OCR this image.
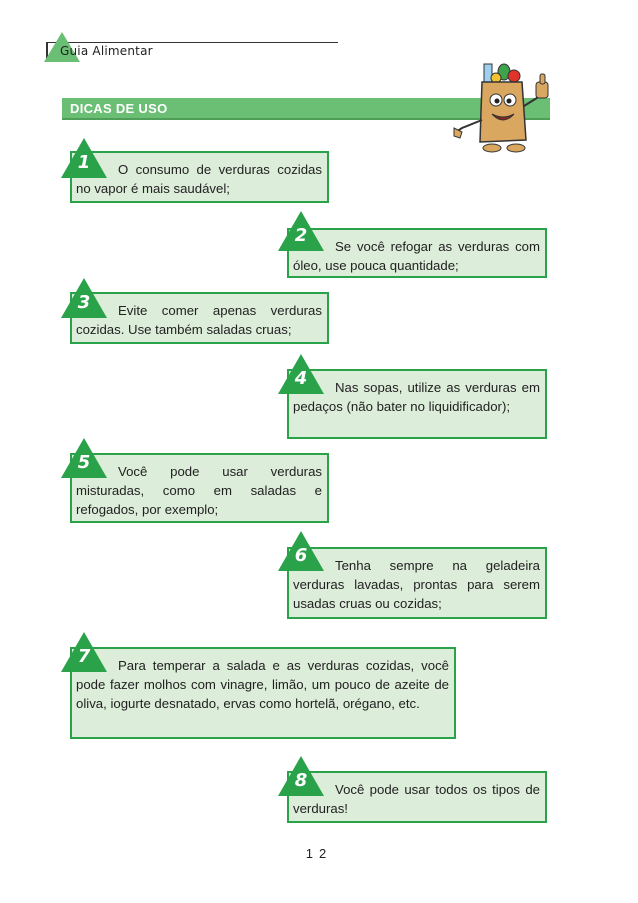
Guia Alimentar
DICAS DE USO
O consumo de verduras cozidas no vapor é mais saudável;
1
Se você refogar as verduras com óleo, use pouca quantidade;
2
Evite comer apenas verduras cozidas. Use também saladas cruas;
3
Nas sopas, utilize as verduras em pedaços (não bater no liquidificador);
4
Você pode usar verduras misturadas, como em saladas e refogados, por exemplo;
5
Tenha sempre na geladeira verduras lavadas, prontas para serem usadas cruas ou cozidas;
6
Para temperar a salada e as verduras cozidas, você pode fazer molhos com vinagre, limão, um pouco de azeite de oliva, iogurte desnatado, ervas como hortelã, orégano, etc.
7
Você pode usar todos os tipos de verduras!
8
12
